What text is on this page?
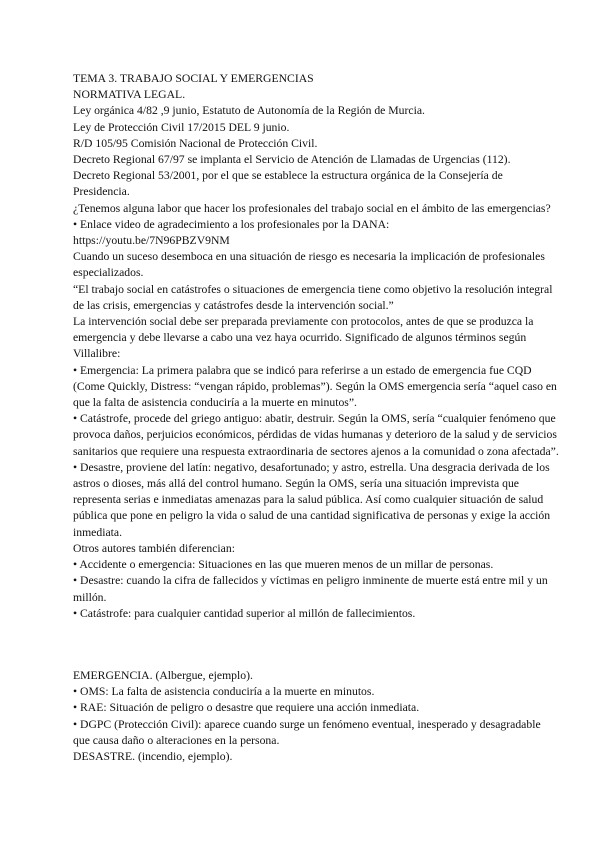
TEMA 3. TRABAJO SOCIAL Y EMERGENCIAS
NORMATIVA LEGAL.
Ley orgánica 4/82 ,9 junio, Estatuto de Autonomía de la Región de Murcia.
Ley de Protección Civil 17/2015 DEL 9 junio.
R/D 105/95 Comisión Nacional de Protección Civil.
Decreto Regional 67/97 se implanta el Servicio de Atención de Llamadas de Urgencias (112).
Decreto Regional 53/2001, por el que se establece la estructura orgánica de la Consejería de Presidencia.
¿Tenemos alguna labor que hacer los profesionales del trabajo social en el ámbito de las emergencias?
• Enlace video de agradecimiento a los profesionales por la DANA:
https://youtu.be/7N96PBZV9NM
Cuando un suceso desemboca en una situación de riesgo es necesaria la implicación de profesionales especializados.
“El trabajo social en catástrofes o situaciones de emergencia tiene como objetivo la resolución integral de las crisis, emergencias y catástrofes desde la intervención social.”
La intervención social debe ser preparada previamente con protocolos, antes de que se produzca la emergencia y debe llevarse a cabo una vez haya ocurrido. Significado de algunos términos según Villalibre:
• Emergencia: La primera palabra que se indicó para referirse a un estado de emergencia fue CQD (Come Quickly, Distress: “vengan rápido, problemas”). Según la OMS emergencia sería “aquel caso en que la falta de asistencia conduciría a la muerte en minutos”.
• Catástrofe, procede del griego antiguo: abatir, destruir. Según la OMS, sería “cualquier fenómeno que provoca daños, perjuicios económicos, pérdidas de vidas humanas y deterioro de la salud y de servicios sanitarios que requiere una respuesta extraordinaria de sectores ajenos a la comunidad o zona afectada”.
• Desastre, proviene del latín: negativo, desafortunado; y astro, estrella. Una desgracia derivada de los astros o dioses, más allá del control humano. Según la OMS, sería una situación imprevista que representa serias e inmediatas amenazas para la salud pública. Así como cualquier situación de salud pública que pone en peligro la vida o salud de una cantidad significativa de personas y exige la acción inmediata.
Otros autores también diferencian:
• Accidente o emergencia: Situaciones en las que mueren menos de un millar de personas.
• Desastre: cuando la cifra de fallecidos y víctimas en peligro inminente de muerte está entre mil y un millón.
• Catástrofe: para cualquier cantidad superior al millón de fallecimientos.
EMERGENCIA. (Albergue, ejemplo).
• OMS: La falta de asistencia conduciría a la muerte en minutos.
• RAE: Situación de peligro o desastre que requiere una acción inmediata.
• DGPC (Protección Civil): aparece cuando surge un fenómeno eventual, inesperado y desagradable que causa daño o alteraciones en la persona.
DESASTRE. (incendio, ejemplo).
